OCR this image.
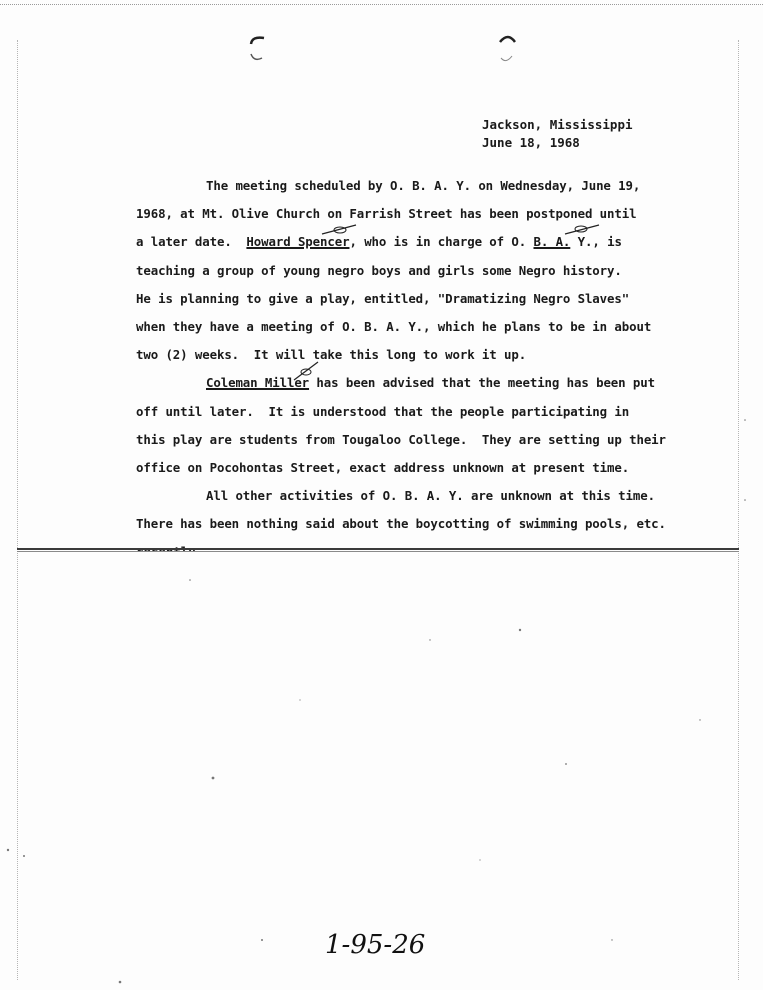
Jackson, Mississippi
June 18, 1968
The meeting scheduled by O. B. A. Y. on Wednesday, June 19,
1968, at Mt. Olive Church on Farrish Street has been postponed until
a later date. Howard Spencer, who is in charge of O. B. A. Y., is
teaching a group of young negro boys and girls some Negro history.
He is planning to give a play, entitled, "Dramatizing Negro Slaves"
when they have a meeting of O. B. A. Y., which he plans to be in about
two (2) weeks.  It will take this long to work it up.
Coleman Miller has been advised that the meeting has been put
off until later.  It is understood that the people participating in
this play are students from Tougaloo College.  They are setting up their
office on Pocohontas Street, exact address unknown at present time.
All other activities of O. B. A. Y. are unknown at this time.
There has been nothing said about the boycotting of swimming pools, etc.
1-95-26
